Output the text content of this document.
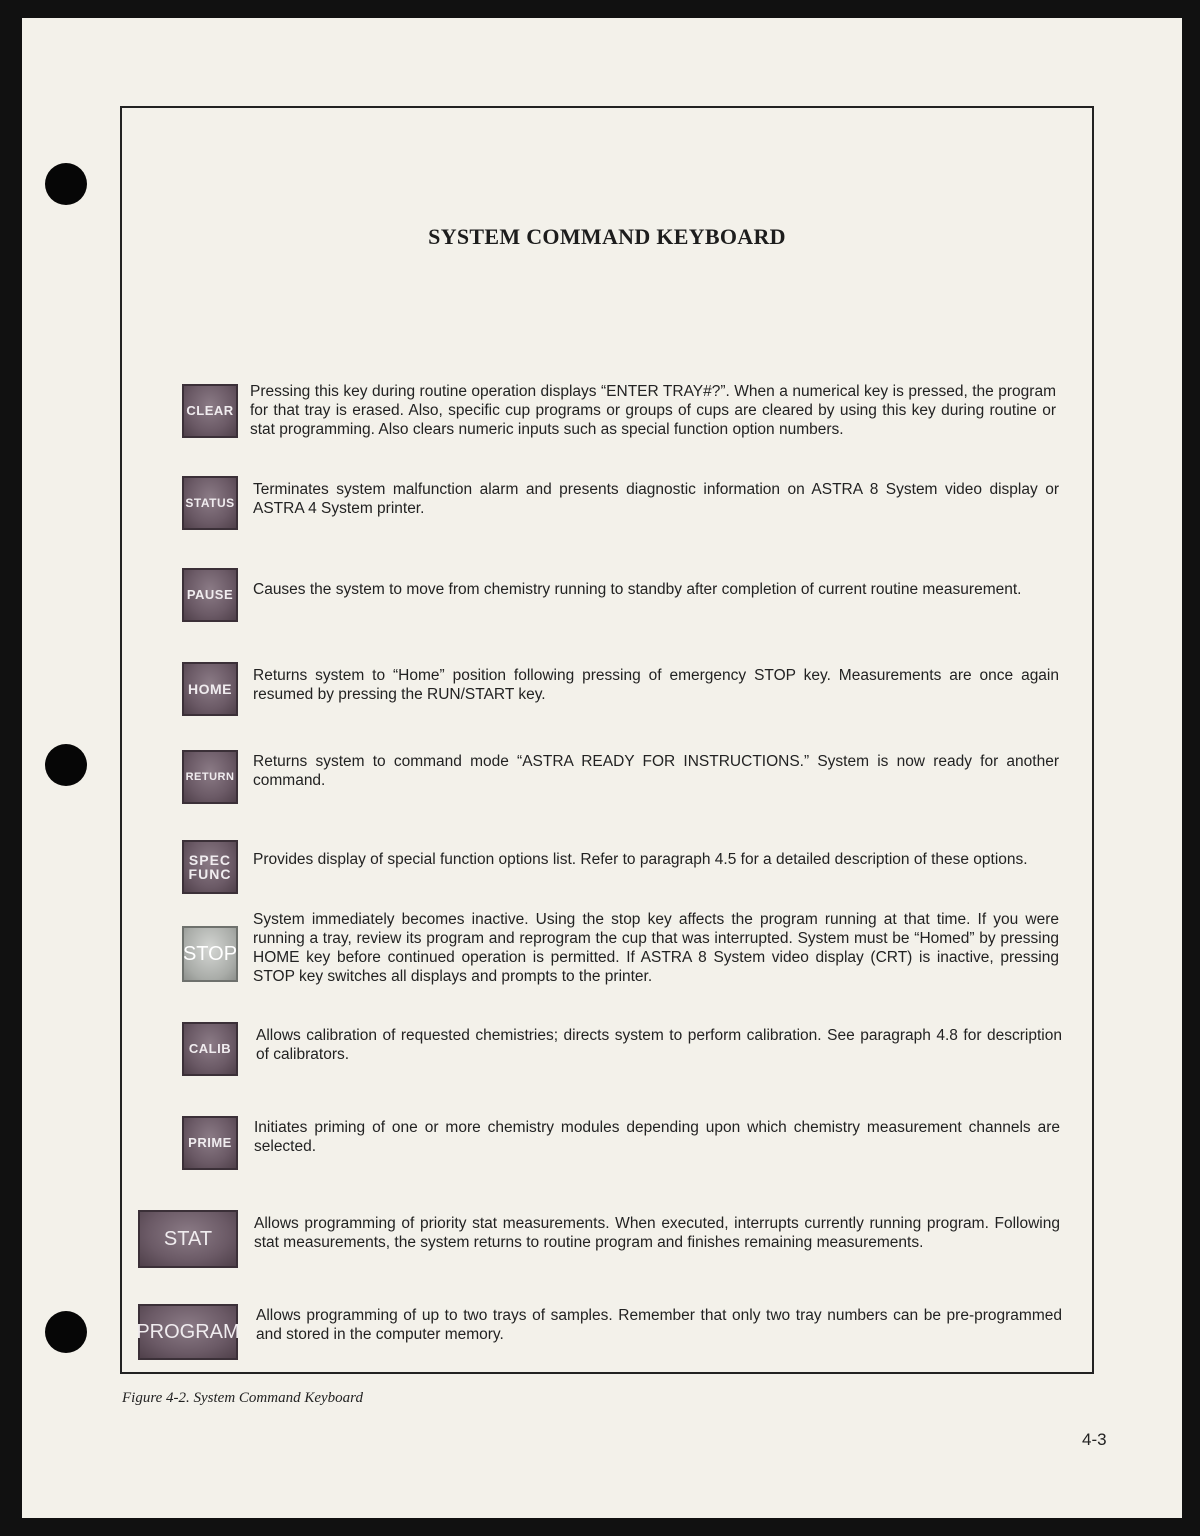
SYSTEM COMMAND KEYBOARD
CLEAR
Pressing this key during routine operation displays “ENTER TRAY#?”. When a numerical key is pressed, the program for that tray is erased. Also, specific cup programs or groups of cups are cleared by using this key during routine or stat programming. Also clears numeric inputs such as special function option numbers.
STATUS
Terminates system malfunction alarm and presents diagnostic information on ASTRA 8 System video display or ASTRA 4 System printer.
PAUSE	Causes the system to move from chemistry running to standby after completion of current routine measurement.
HOME
Returns system to “Home” position following pressing of emergency STOP key. Measurements are once again resumed by pressing the RUN/START key.
RETURN
Returns system to command mode “ASTRA READY FOR INSTRUCTIONS.” System is now ready for another command.
SPEC
FUNC
Provides display of special function options list. Refer to paragraph 4.5 for a detailed description of these options.
STOP
System immediately becomes inactive. Using the stop key affects the program running at that time. If you were running a tray, review its program and reprogram the cup that was interrupted. System must be “Homed” by pressing HOME key before continued operation is permitted. If ASTRA 8 System video display (CRT) is inactive, pressing STOP key switches all displays and prompts to the printer.
CALIB
Allows calibration of requested chemistries; directs system to perform calibration. See paragraph 4.8 for description of calibrators.
PRIME
Initiates priming of one or more chemistry modules depending upon which chemistry measurement channels are selected.
STAT
Allows programming of priority stat measurements. When executed, interrupts currently running program. Following stat measurements, the system returns to routine program and finishes remaining measurements.
PROGRAM
Allows programming of up to two trays of samples. Remember that only two tray numbers can be pre-programmed and stored in the computer memory.
Figure 4-2. System Command Keyboard
4-3
